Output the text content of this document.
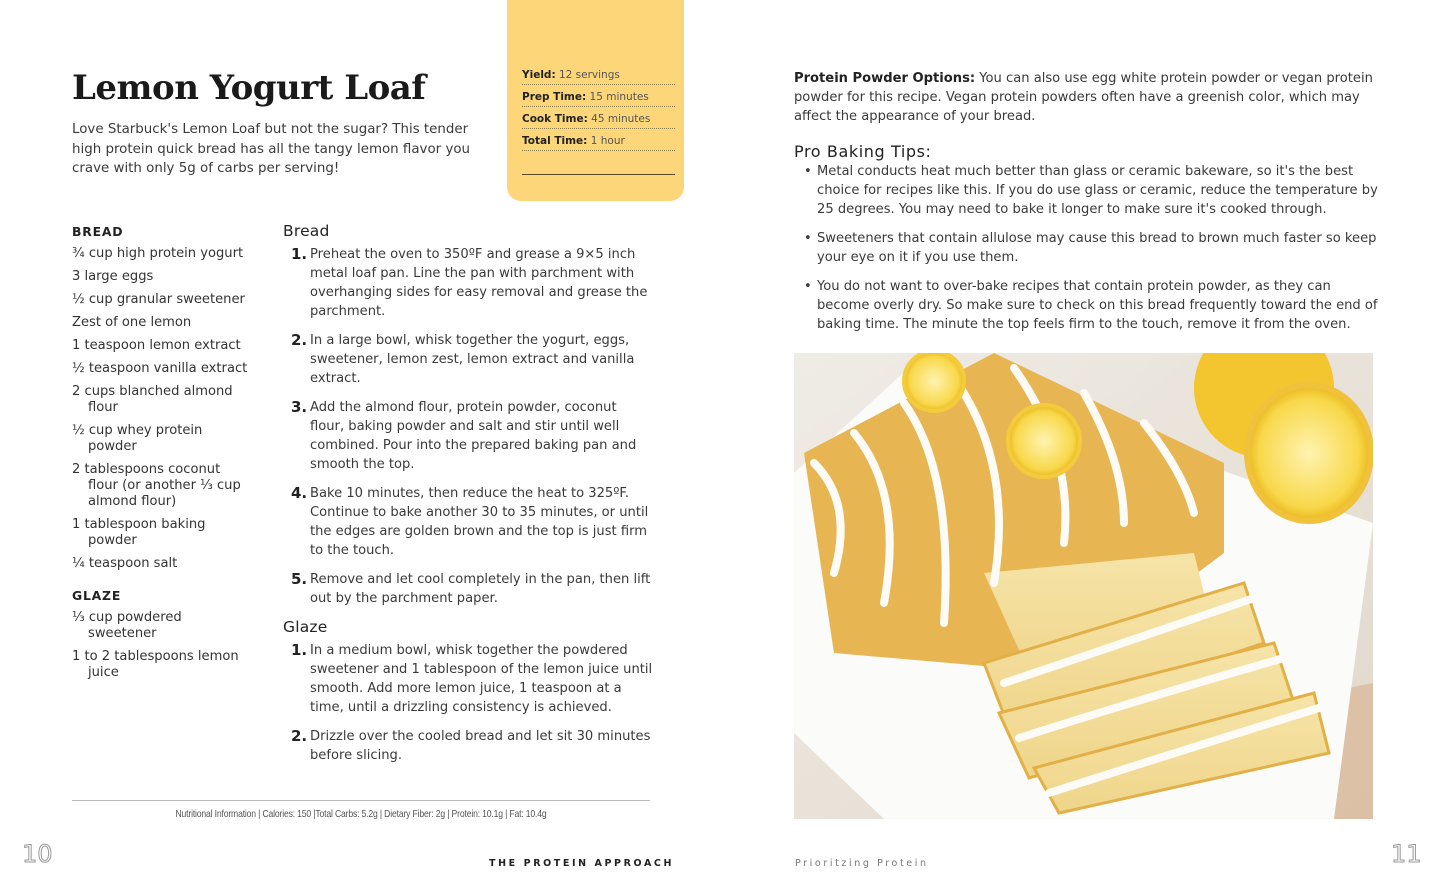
Lemon Yogurt Loaf

Love Starbuck's Lemon Loaf but not the sugar? This tender high protein quick bread has all the tangy lemon flavor you crave with only 5g of carbs per serving!

Yield: 12 servings
Prep Time: 15 minutes
Cook Time: 45 minutes
Total Time: 1 hour
BREAD
¾ cup high protein yogurt
3 large eggs
½ cup granular sweetener
Zest of one lemon
1 teaspoon lemon extract
½ teaspoon vanilla extract
2 cups blanched almond flour
½ cup whey protein powder
2 tablespoons coconut flour (or another ⅓ cup almond flour)
1 tablespoon baking powder
¼ teaspoon salt
GLAZE
⅓ cup powdered sweetener
1 to 2 tablespoons lemon juice
Bread
1. Preheat the oven to 350ºF and grease a 9×5 inch metal loaf pan. Line the pan with parchment with overhanging sides for easy removal and grease the parchment.
2. In a large bowl, whisk together the yogurt, eggs, sweetener, lemon zest, lemon extract and vanilla extract.
3. Add the almond flour, protein powder, coconut flour, baking powder and salt and stir until well combined. Pour into the prepared baking pan and smooth the top.
4. Bake 10 minutes, then reduce the heat to 325ºF. Continue to bake another 30 to 35 minutes, or until the edges are golden brown and the top is just firm to the touch.
5. Remove and let cool completely in the pan, then lift out by the parchment paper.
Glaze
1. In a medium bowl, whisk together the powdered sweetener and 1 tablespoon of the lemon juice until smooth. Add more lemon juice, 1 teaspoon at a time, until a drizzling consistency is achieved.
2. Drizzle over the cooled bread and let sit 30 minutes before slicing.
Nutritional Information | Calories: 150 |Total Carbs: 5.2g | Dietary Fiber: 2g | Protein: 10.1g | Fat: 10.4g

Protein Powder Options: You can also use egg white protein powder or vegan protein powder for this recipe. Vegan protein powders often have a greenish color, which may affect the appearance of your bread.

Pro Baking Tips:
• Metal conducts heat much better than glass or ceramic bakeware, so it's the best choice for recipes like this. If you do use glass or ceramic, reduce the temperature by 25 degrees. You may need to bake it longer to make sure it's cooked through.
• Sweeteners that contain allulose may cause this bread to brown much faster so keep your eye on it if you use them.
• You do not want to over-bake recipes that contain protein powder, as they can become overly dry. So make sure to check on this bread frequently toward the end of baking time. The minute the top feels firm to the touch, remove it from the oven.
10	THE PROTEIN APPROACH	Prioritzing Protein	11
